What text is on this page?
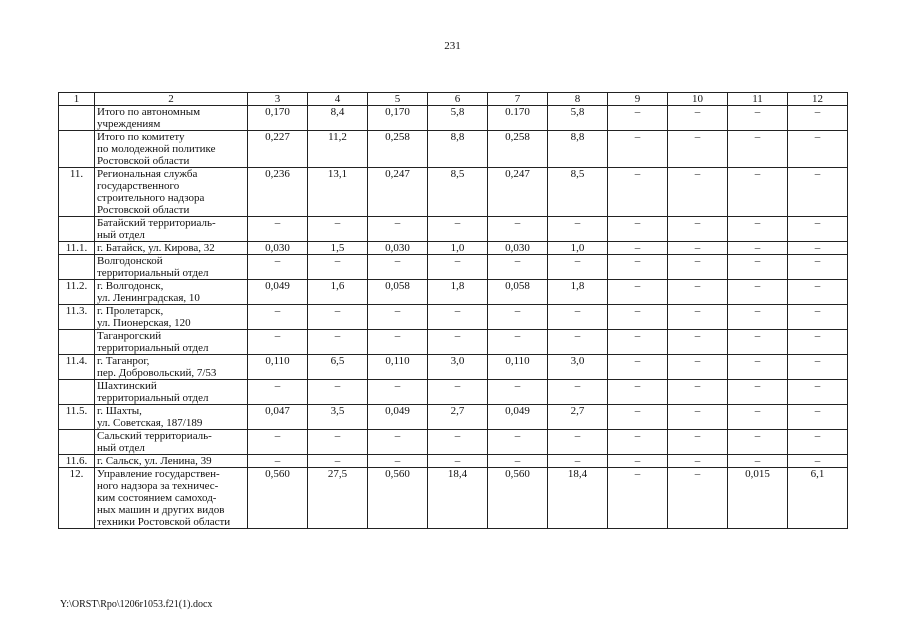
231
1	2	3	4	5	6	7	8	9	10	11	12
	Итого по автономным
учреждениям	0,170	8,4	0,170	5,8	0.170	5,8	–	–	–	–
	Итого по комитету
по молодежной политике
Ростовской области	0,227	11,2	0,258	8,8	0,258	8,8	–	–	–	–
11.	Региональная служба
государственного
строительного надзора
Ростовской области	0,236	13,1	0,247	8,5	0,247	8,5	–	–	–	–
	Батайский территориаль-
ный отдел	–	–	–	–	–	–	–	–	–	–
11.1.	г. Батайск, ул. Кирова, 32	0,030	1,5	0,030	1,0	0,030	1,0	–	–	–	–
	Волгодонской
территориальный отдел	–	–	–	–	–	–	–	–	–	–
11.2.	г. Волгодонск,
ул. Ленинградская, 10	0,049	1,6	0,058	1,8	0,058	1,8	–	–	–	–
11.3.	г. Пролетарск,
ул. Пионерская, 120	–	–	–	–	–	–	–	–	–	–
	Таганрогский
территориальный отдел	–	–	–	–	–	–	–	–	–	–
11.4.	г. Таганрог,
пер. Добровольский, 7/53	0,110	6,5	0,110	3,0	0,110	3,0	–	–	–	–
	Шахтинский
территориальный отдел	–	–	–	–	–	–	–	–	–	–
11.5.	г. Шахты,
ул. Советская, 187/189	0,047	3,5	0,049	2,7	0,049	2,7	–	–	–	–
	Сальский территориаль-
ный отдел	–	–	–	–	–	–	–	–	–	–
11.6.	г. Сальск, ул. Ленина, 39	–	–	–	–	–	–	–	–	–	–
12.	Управление государствен-
ного надзора за техничес-
ким состоянием самоход-
ных машин и других видов
техники Ростовской области	0,560	27,5	0,560	18,4	0,560	18,4	–	–	0,015	6,1
Y:\ORST\Rpo\1206r1053.f21(1).docx
